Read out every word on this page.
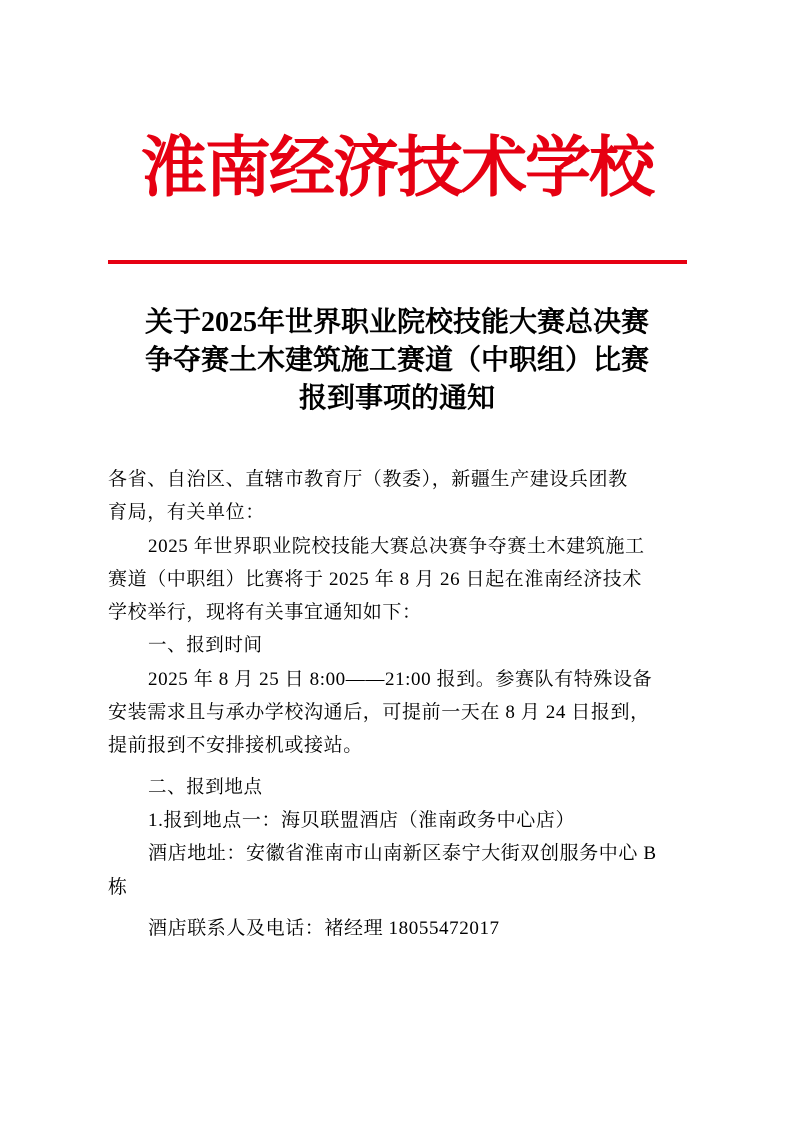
淮南经济技术学校
关于2025年世界职业院校技能大赛总决赛
争夺赛土木建筑施工赛道（中职组）比赛
报到事项的通知
各省、自治区、直辖市教育厅（教委），新疆生产建设兵团教
育局，有关单位：
2025 年世界职业院校技能大赛总决赛争夺赛土木建筑施工
赛道（中职组）比赛将于 2025 年 8 月 26 日起在淮南经济技术
学校举行，现将有关事宜通知如下：
一、报到时间
2025 年 8 月 25 日 8:00——21:00 报到。参赛队有特殊设备
安装需求且与承办学校沟通后，可提前一天在 8 月 24 日报到，
提前报到不安排接机或接站。
二、报到地点
1.报到地点一：海贝联盟酒店（淮南政务中心店）
酒店地址：安徽省淮南市山南新区泰宁大街双创服务中心 B
栋
酒店联系人及电话：褚经理 18055472017
